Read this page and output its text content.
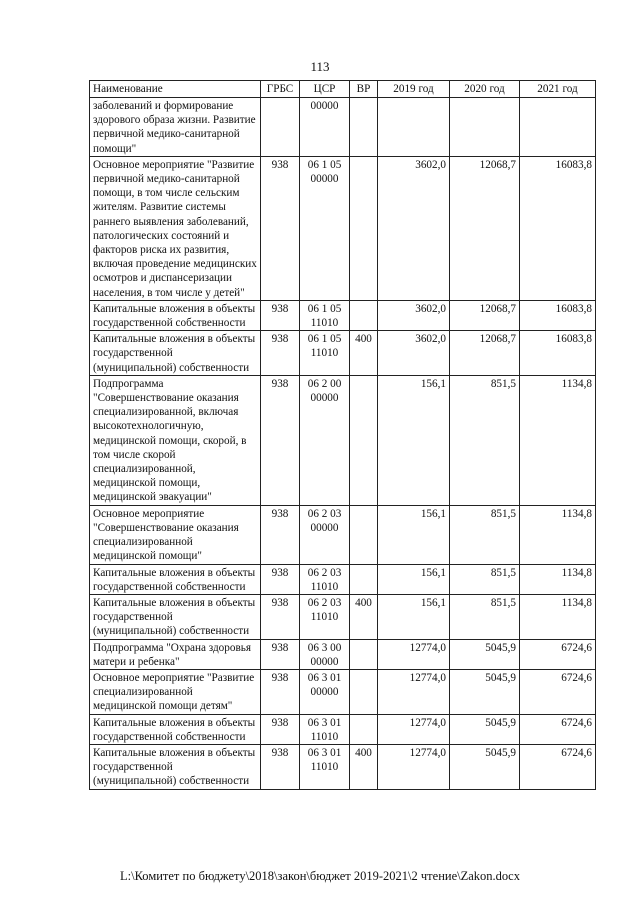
113
Наименование	ГРБС	ЦСР	ВР	2019 год	2020 год	2021 год
заболеваний и формирование здорового образа жизни. Развитие первичной медико-санитарной помощи"		00000				
Основное мероприятие "Развитие первичной медико-санитарной помощи, в том числе сельским жителям. Развитие системы раннего выявления заболеваний, патологических состояний и факторов риска их развития, включая проведение медицинских осмотров и диспансеризации населения, в том числе у детей"	938	06 1 05 00000		3602,0	12068,7	16083,8
Капитальные вложения в объекты государственной собственности	938	06 1 05 11010		3602,0	12068,7	16083,8
Капитальные вложения в объекты государственной (муниципальной) собственности	938	06 1 05 11010	400	3602,0	12068,7	16083,8
Подпрограмма "Совершенствование оказания специализированной, включая высокотехнологичную, медицинской помощи, скорой, в том числе скорой специализированной, медицинской помощи, медицинской эвакуации"	938	06 2 00 00000		156,1	851,5	1134,8
Основное мероприятие "Совершенствование оказания специализированной медицинской помощи"	938	06 2 03 00000		156,1	851,5	1134,8
Капитальные вложения в объекты государственной собственности	938	06 2 03 11010		156,1	851,5	1134,8
Капитальные вложения в объекты государственной (муниципальной) собственности	938	06 2 03 11010	400	156,1	851,5	1134,8
Подпрограмма "Охрана здоровья матери и ребенка"	938	06 3 00 00000		12774,0	5045,9	6724,6
Основное мероприятие "Развитие специализированной медицинской помощи детям"	938	06 3 01 00000		12774,0	5045,9	6724,6
Капитальные вложения в объекты государственной собственности	938	06 3 01 11010		12774,0	5045,9	6724,6
Капитальные вложения в объекты государственной (муниципальной) собственности	938	06 3 01 11010	400	12774,0	5045,9	6724,6
L:\Комитет по бюджету\2018\закон\бюджет 2019-2021\2 чтение\Zakon.docx
